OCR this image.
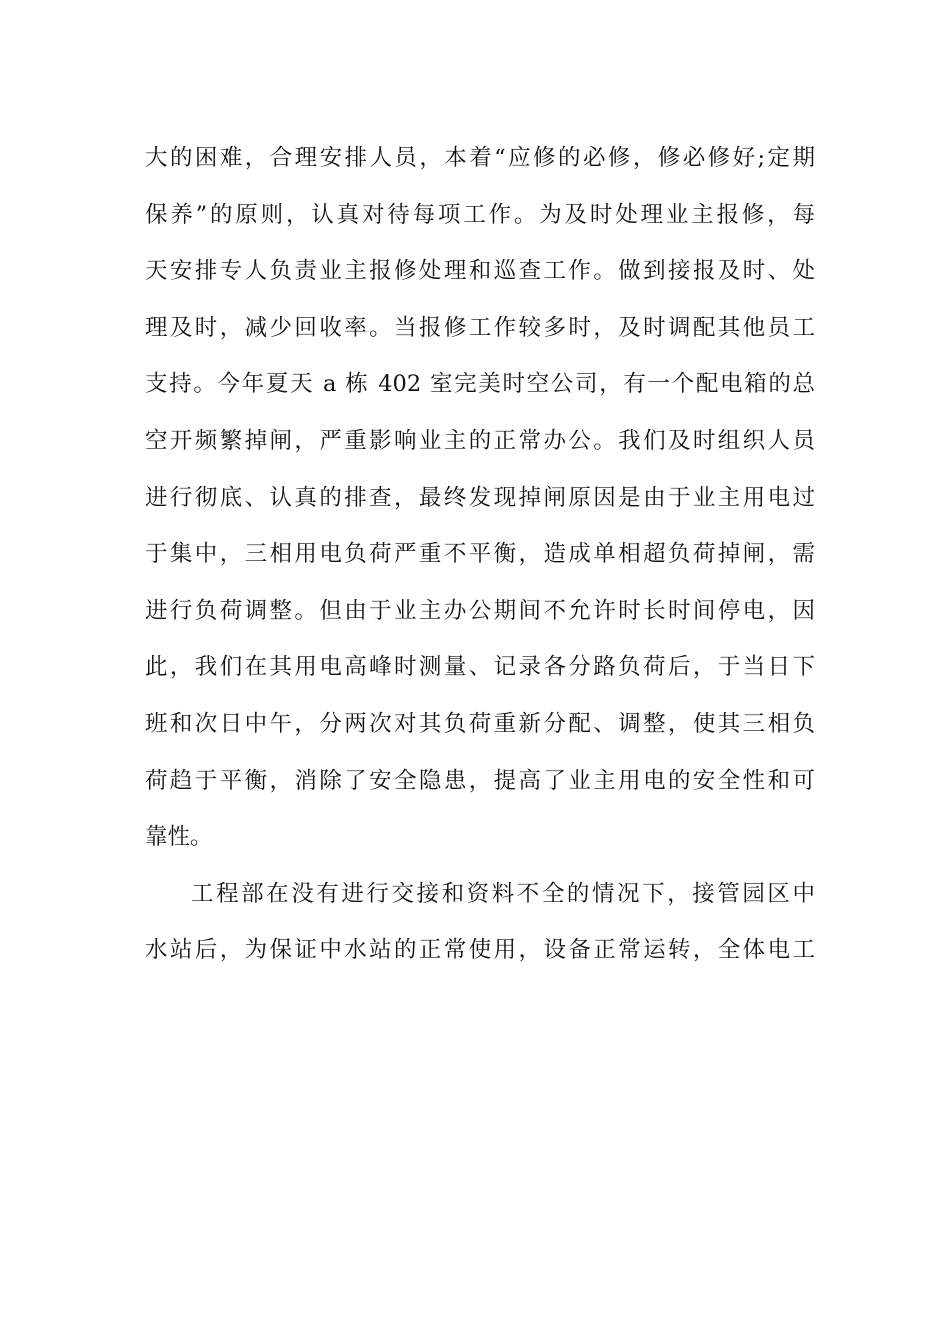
大的困难，合理安排人员，本着“应修的必修，修必修好;定期
保养”的原则，认真对待每项工作。为及时处理业主报修，每
天安排专人负责业主报修处理和巡查工作。做到接报及时、处
理及时，减少回收率。当报修工作较多时，及时调配其他员工
支持。今年夏天 a 栋 402 室完美时空公司，有一个配电箱的总
空开频繁掉闸，严重影响业主的正常办公。我们及时组织人员
进行彻底、认真的排查，最终发现掉闸原因是由于业主用电过
于集中，三相用电负荷严重不平衡，造成单相超负荷掉闸，需
进行负荷调整。但由于业主办公期间不允许时长时间停电，因
此，我们在其用电高峰时测量、记录各分路负荷后，于当日下
班和次日中午，分两次对其负荷重新分配、调整，使其三相负
荷趋于平衡，消除了安全隐患，提高了业主用电的安全性和可
靠性。
工程部在没有进行交接和资料不全的情况下，接管园区中
水站后，为保证中水站的正常使用，设备正常运转，全体电工
